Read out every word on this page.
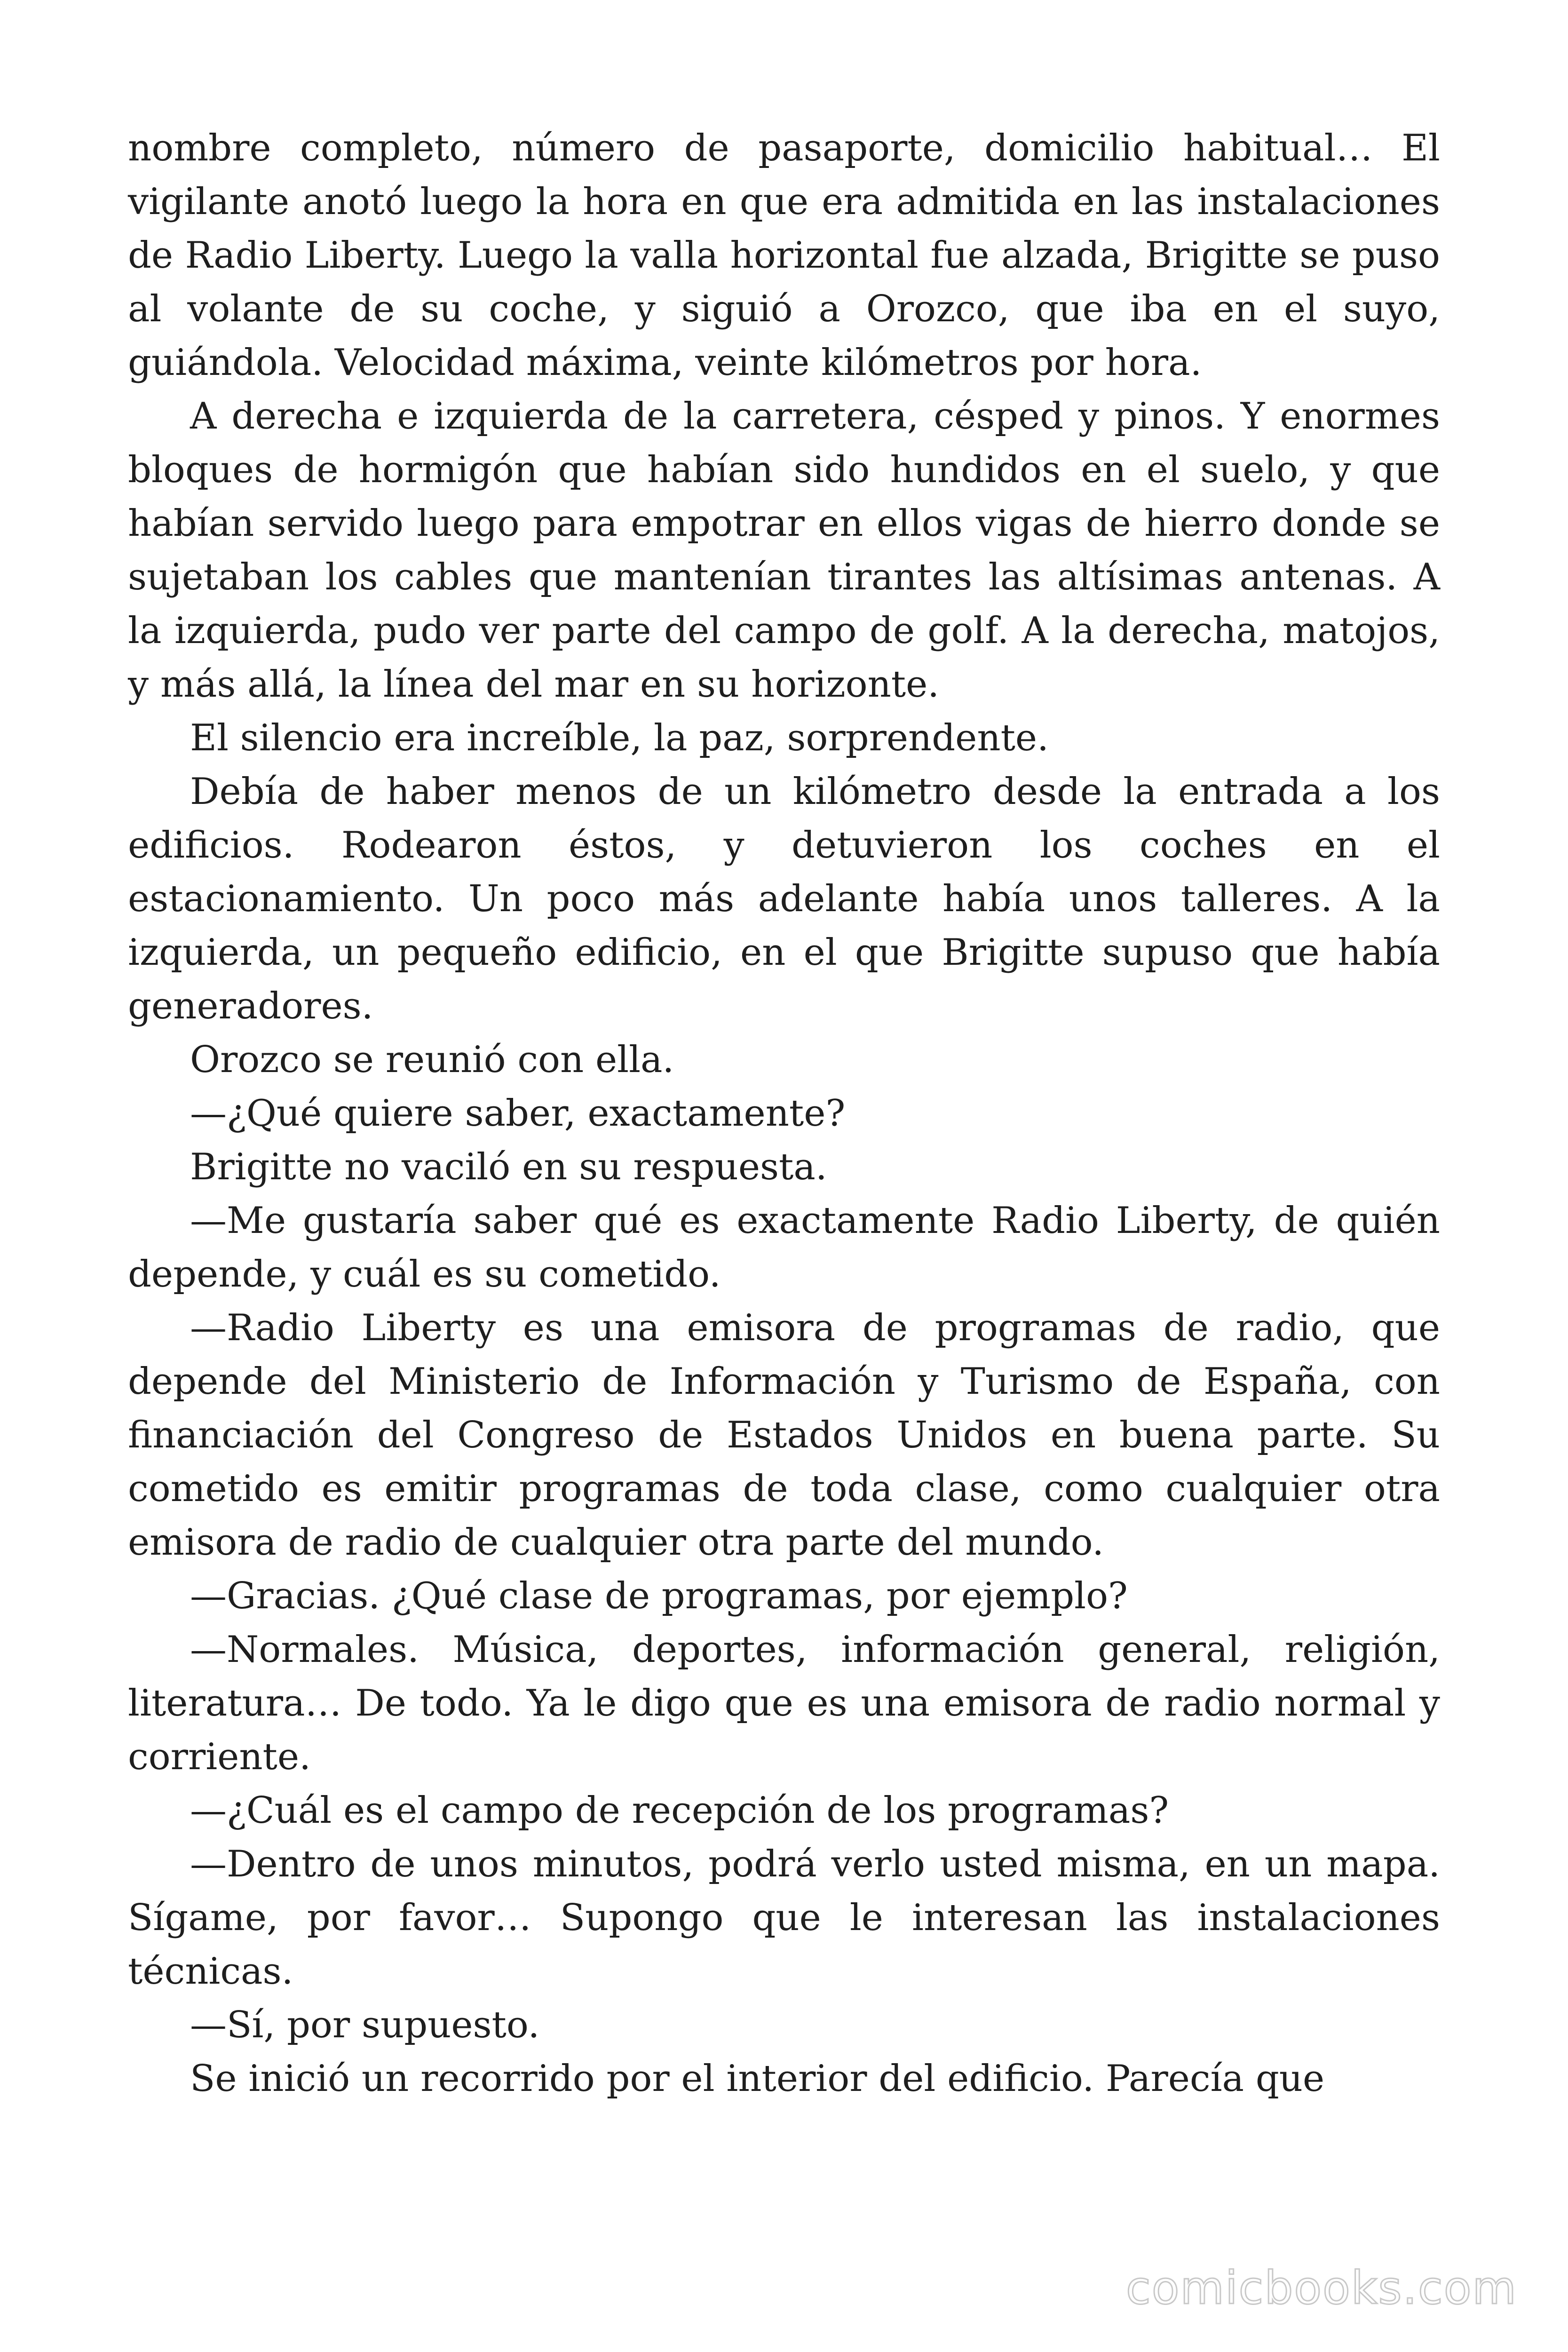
nombre completo, número de pasaporte, domicilio habitual… El vigilante anotó luego la hora en que era admitida en las instalaciones de Radio Liberty. Luego la valla horizontal fue alzada, Brigitte se puso al volante de su coche, y siguió a Orozco, que iba en el suyo, guiándola. Velocidad máxima, veinte kilómetros por hora.

A derecha e izquierda de la carretera, césped y pinos. Y enormes bloques de hormigón que habían sido hundidos en el suelo, y que habían servido luego para empotrar en ellos vigas de hierro donde se sujetaban los cables que mantenían tirantes las altísimas antenas. A la izquierda, pudo ver parte del campo de golf. A la derecha, matojos, y más allá, la línea del mar en su horizonte.

El silencio era increíble, la paz, sorprendente.

Debía de haber menos de un kilómetro desde la entrada a los edificios. Rodearon éstos, y detuvieron los coches en el estacionamiento. Un poco más adelante había unos talleres. A la izquierda, un pequeño edificio, en el que Brigitte supuso que había generadores.

Orozco se reunió con ella.

—¿Qué quiere saber, exactamente?

Brigitte no vaciló en su respuesta.

—Me gustaría saber qué es exactamente Radio Liberty, de quién depende, y cuál es su cometido.

—Radio Liberty es una emisora de programas de radio, que depende del Ministerio de Información y Turismo de España, con financiación del Congreso de Estados Unidos en buena parte. Su cometido es emitir programas de toda clase, como cualquier otra emisora de radio de cualquier otra parte del mundo.

—Gracias. ¿Qué clase de programas, por ejemplo?

—Normales. Música, deportes, información general, religión, literatura… De todo. Ya le digo que es una emisora de radio normal y corriente.

—¿Cuál es el campo de recepción de los programas?

—Dentro de unos minutos, podrá verlo usted misma, en un mapa. Sígame, por favor… Supongo que le interesan las instalaciones técnicas.

—Sí, por supuesto.

Se inició un recorrido por el interior del edificio. Parecía que

comicbooks.com
